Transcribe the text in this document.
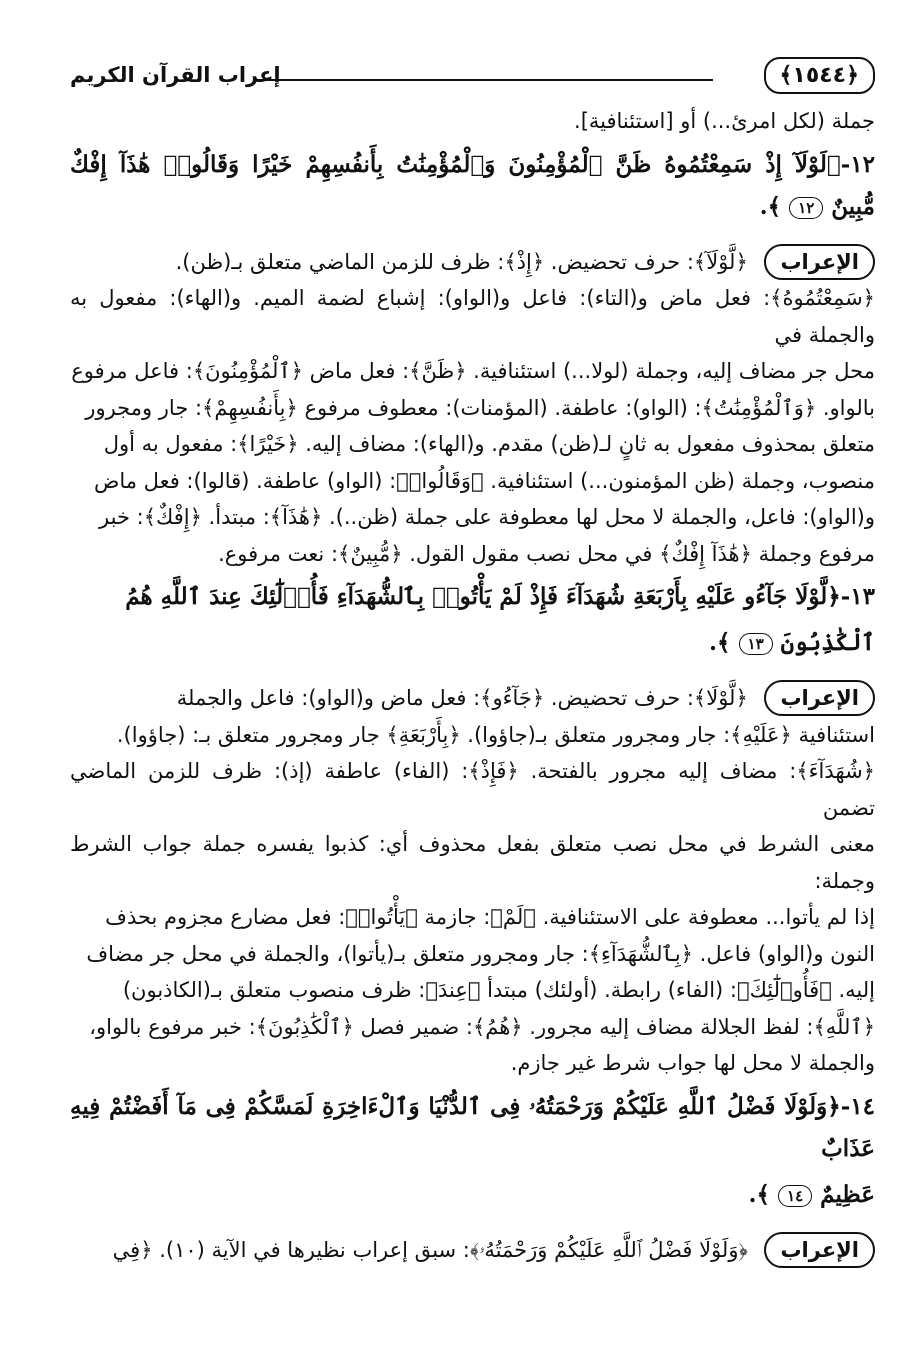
﴿١٥٤٤﴾
إعراب القرآن الكريم

جملة (لكل امرئ...) أو [استئنافية].

١٢-﴿لَوْلَآ إِذْ سَمِعْتُمُوهُ ظَنَّ ٱلْمُؤْمِنُونَ وَٱلْمُؤْمِنَٰتُ بِأَنفُسِهِمْ خَيْرًا وَقَالُوا۟ هَٰذَآ إِفْكٌ مُّبِينٌ ١٢ ﴾.

الإعراب ﴿لَّوْلَآ﴾: حرف تحضيض. ﴿إِذْ﴾: ظرف للزمن الماضي متعلق بـ(ظن).

﴿سَمِعْتُمُوهُ﴾: فعل ماض و(التاء): فاعل و(الواو): إشباع لضمة الميم. و(الهاء): مفعول به والجملة في

محل جر مضاف إليه، وجملة (لولا...) استئنافية. ﴿ظَنَّ﴾: فعل ماض ﴿ٱلْمُؤْمِنُونَ﴾: فاعل مرفوع

بالواو. ﴿وَٱلْمُؤْمِنَٰتُ﴾: (الواو): عاطفة. (المؤمنات): معطوف مرفوع ﴿بِأَنفُسِهِمْ﴾: جار ومجرور

متعلق بمحذوف مفعول به ثانٍ لـ(ظن) مقدم. و(الهاء): مضاف إليه. ﴿خَيْرًا﴾: مفعول به أول

منصوب، وجملة (ظن المؤمنون...) استئنافية. ﴿وَقَالُوا۟﴾: (الواو) عاطفة. (قالوا): فعل ماض

و(الواو): فاعل، والجملة لا محل لها معطوفة على جملة (ظن..). ﴿هَٰذَآ﴾: مبتدأ. ﴿إِفْكٌ﴾: خبر

مرفوع وجملة ﴿هَٰذَآ إِفْكٌ﴾ في محل نصب مقول القول. ﴿مُّبِينٌ﴾: نعت مرفوع.

١٣-﴿لَّوْلَا جَآءُو عَلَيْهِ بِأَرْبَعَةِ شُهَدَآءَ فَإِذْ لَمْ يَأْتُوا۟ بِٱلشُّهَدَآءِ فَأُو۟لَٰٓئِكَ عِندَ ٱللَّهِ هُمُ

ٱلْكَٰذِبُونَ ١٣ ﴾.

الإعراب ﴿لَّوْلَا﴾: حرف تحضيض. ﴿جَآءُو﴾: فعل ماض و(الواو): فاعل والجملة

استئنافية ﴿عَلَيْهِ﴾: جار ومجرور متعلق بـ(جاؤوا). ﴿بِأَرْبَعَةِ﴾ جار ومجرور متعلق بـ: (جاؤوا).

﴿شُهَدَآءَ﴾: مضاف إليه مجرور بالفتحة. ﴿فَإِذْ﴾: (الفاء) عاطفة (إذ): ظرف للزمن الماضي تضمن

معنى الشرط في محل نصب متعلق بفعل محذوف أي: كذبوا يفسره جملة جواب الشرط وجملة:

إذا لم يأتوا... معطوفة على الاستئنافية. ﴿لَمْ﴾: جازمة ﴿يَأْتُوا۟﴾: فعل مضارع مجزوم بحذف

النون و(الواو) فاعل. ﴿بِٱلشُّهَدَآءِ﴾: جار ومجرور متعلق بـ(يأتوا)، والجملة في محل جر مضاف

إليه. ﴿فَأُو۟لَٰٓئِكَ﴾: (الفاء) رابطة. (أولئك) مبتدأ ﴿عِندَ﴾: ظرف منصوب متعلق بـ(الكاذبون)

﴿ٱللَّهِ﴾: لفظ الجلالة مضاف إليه مجرور. ﴿هُمُ﴾: ضمير فصل ﴿ٱلْكَٰذِبُونَ﴾: خبر مرفوع بالواو،

والجملة لا محل لها جواب شرط غير جازم.

١٤-﴿وَلَوْلَا فَضْلُ ٱللَّهِ عَلَيْكُمْ وَرَحْمَتُهُۥ فِى ٱلدُّنْيَا وَٱلْءَاخِرَةِ لَمَسَّكُمْ فِى مَآ أَفَضْتُمْ فِيهِ عَذَابٌ

عَظِيمٌ ١٤ ﴾.

الإعراب ﴿وَلَوْلَا فَضْلُ ٱللَّهِ عَلَيْكُمْ وَرَحْمَتُهُۥ﴾: سبق إعراب نظيرها في الآية (١٠). ﴿فِي
